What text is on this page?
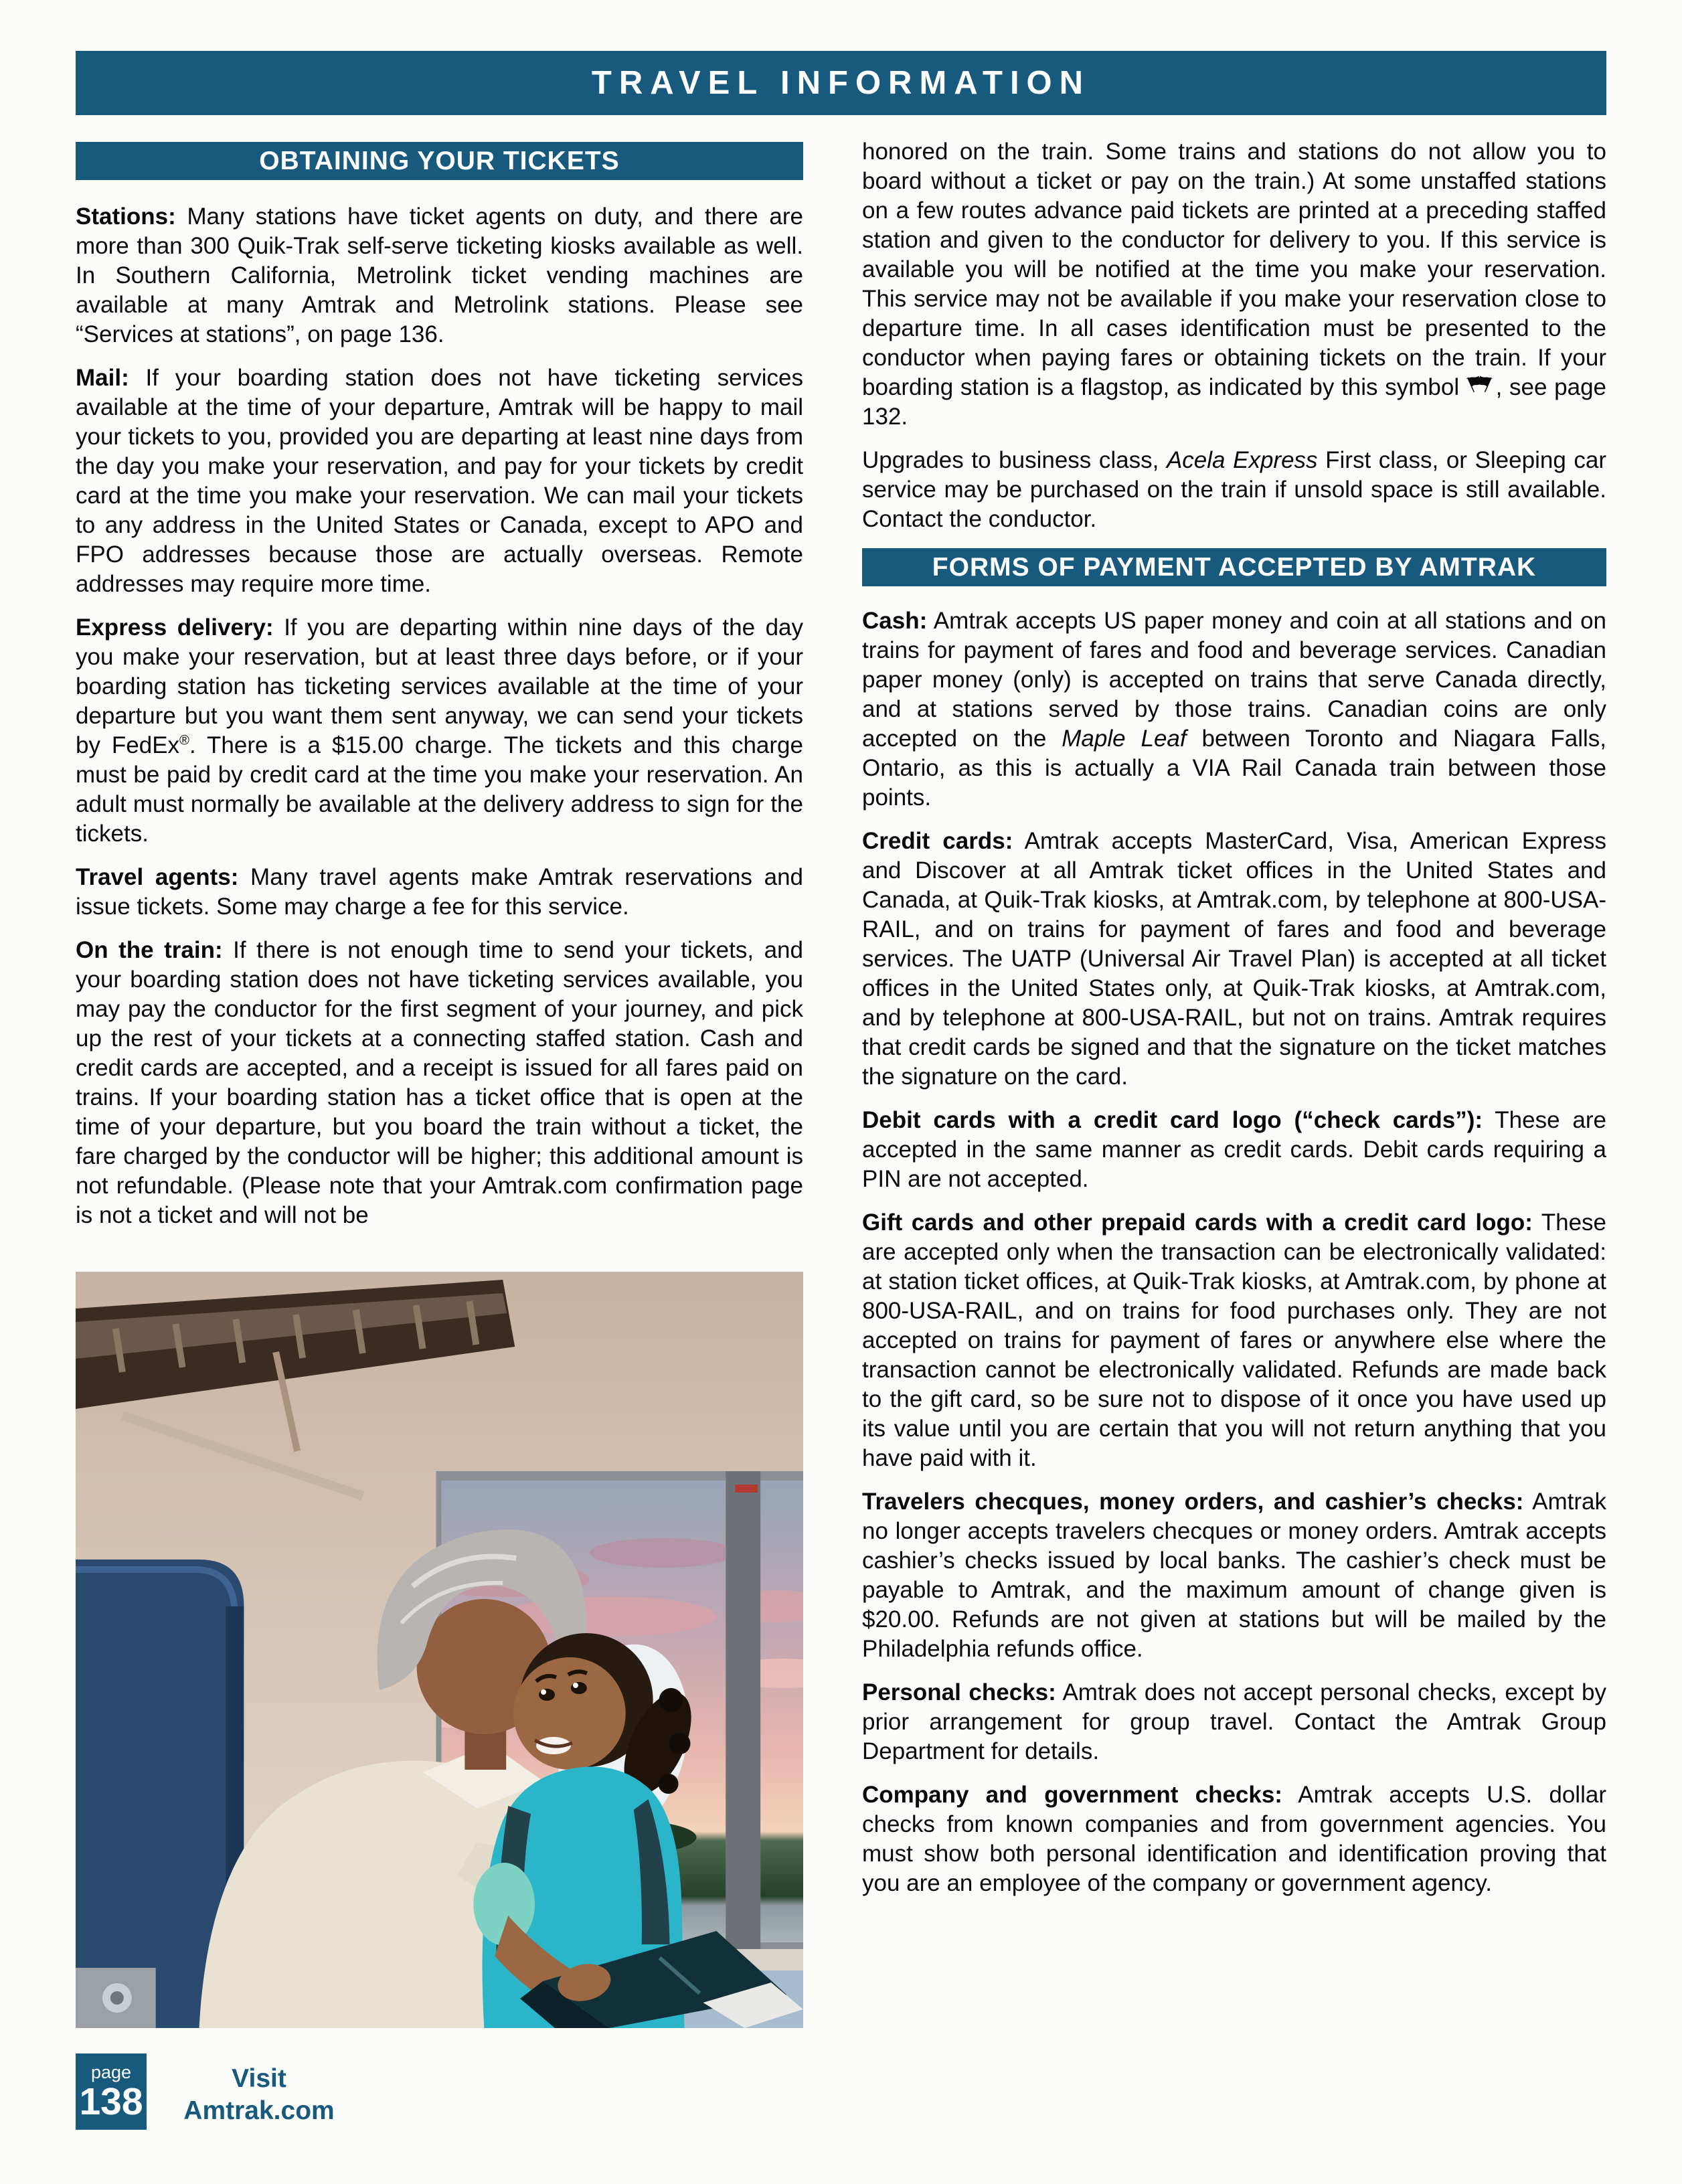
TRAVEL INFORMATION
OBTAINING YOUR TICKETS

Stations: Many stations have ticket agents on duty, and there are more than 300 Quik-Trak self-serve ticketing kiosks available as well. In Southern California, Metrolink ticket vending machines are available at many Amtrak and Metrolink stations. Please see “Services at stations”, on page 136.

Mail: If your boarding station does not have ticketing services available at the time of your departure, Amtrak will be happy to mail your tickets to you, provided you are departing at least nine days from the day you make your reservation, and pay for your tickets by credit card at the time you make your reservation. We can mail your tickets to any address in the United States or Canada, except to APO and FPO addresses because those are actually overseas. Remote addresses may require more time.

Express delivery: If you are departing within nine days of the day you make your reservation, but at least three days before, or if your boarding station has ticketing services available at the time of your departure but you want them sent anyway, we can send your tickets by FedEx®. There is a $15.00 charge. The tickets and this charge must be paid by credit card at the time you make your reservation. An adult must normally be available at the delivery address to sign for the tickets.

Travel agents: Many travel agents make Amtrak reservations and issue tickets. Some may charge a fee for this service.

On the train: If there is not enough time to send your tickets, and your boarding station does not have ticketing services available, you may pay the conductor for the first segment of your journey, and pick up the rest of your tickets at a connecting staffed station. Cash and credit cards are accepted, and a receipt is issued for all fares paid on trains. If your boarding station has a ticket office that is open at the time of your departure, but you board the train without a ticket, the fare charged by the conductor will be higher; this additional amount is not refundable. (Please note that your Amtrak.com confirmation page is not a ticket and will not be

honored on the train. Some trains and stations do not allow you to board without a ticket or pay on the train.) At some unstaffed stations on a few routes advance paid tickets are printed at a preceding staffed station and given to the conductor for delivery to you. If this service is available you will be notified at the time you make your reservation. This service may not be available if you make your reservation close to departure time. In all cases identification must be presented to the conductor when paying fares or obtaining tickets on the train. If your boarding station is a flagstop, as indicated by this symbol ⚑ ⚑, see page 132.

Upgrades to business class, Acela Express First class, or Sleeping car service may be purchased on the train if unsold space is still available. Contact the conductor.

FORMS OF PAYMENT ACCEPTED BY AMTRAK

Cash: Amtrak accepts US paper money and coin at all stations and on trains for payment of fares and food and beverage services. Canadian paper money (only) is accepted on trains that serve Canada directly, and at stations served by those trains. Canadian coins are only accepted on the Maple Leaf between Toronto and Niagara Falls, Ontario, as this is actually a VIA Rail Canada train between those points.

Credit cards: Amtrak accepts MasterCard, Visa, American Express and Discover at all Amtrak ticket offices in the United States and Canada, at Quik-Trak kiosks, at Amtrak.com, by telephone at 800-USA-RAIL, and on trains for payment of fares and food and beverage services. The UATP (Universal Air Travel Plan) is accepted at all ticket offices in the United States only, at Quik-Trak kiosks, at Amtrak.com, and by telephone at 800-USA-RAIL, but not on trains. Amtrak requires that credit cards be signed and that the signature on the ticket matches the signature on the card.

Debit cards with a credit card logo (“check cards”): These are accepted in the same manner as credit cards. Debit cards requiring a PIN are not accepted.

Gift cards and other prepaid cards with a credit card logo: These are accepted only when the transaction can be electronically validated: at station ticket offices, at Quik-Trak kiosks, at Amtrak.com, by phone at 800-USA-RAIL, and on trains for food purchases only. They are not accepted on trains for payment of fares or anywhere else where the transaction cannot be electronically validated. Refunds are made back to the gift card, so be sure not to dispose of it once you have used up its value until you are certain that you will not return anything that you have paid with it.

Travelers checques, money orders, and cashier’s checks: Amtrak no longer accepts travelers checques or money orders. Amtrak accepts cashier’s checks issued by local banks. The cashier’s check must be payable to Amtrak, and the maximum amount of change given is $20.00. Refunds are not given at stations but will be mailed by the Philadelphia refunds office.

Personal checks: Amtrak does not accept personal checks, except by prior arrangement for group travel. Contact the Amtrak Group Department for details.

Company and government checks: Amtrak accepts U.S. dollar checks from known companies and from government agencies. You must show both personal identification and identification proving that you are an employee of the company or government agency.

page
138
Visit
Amtrak.com
